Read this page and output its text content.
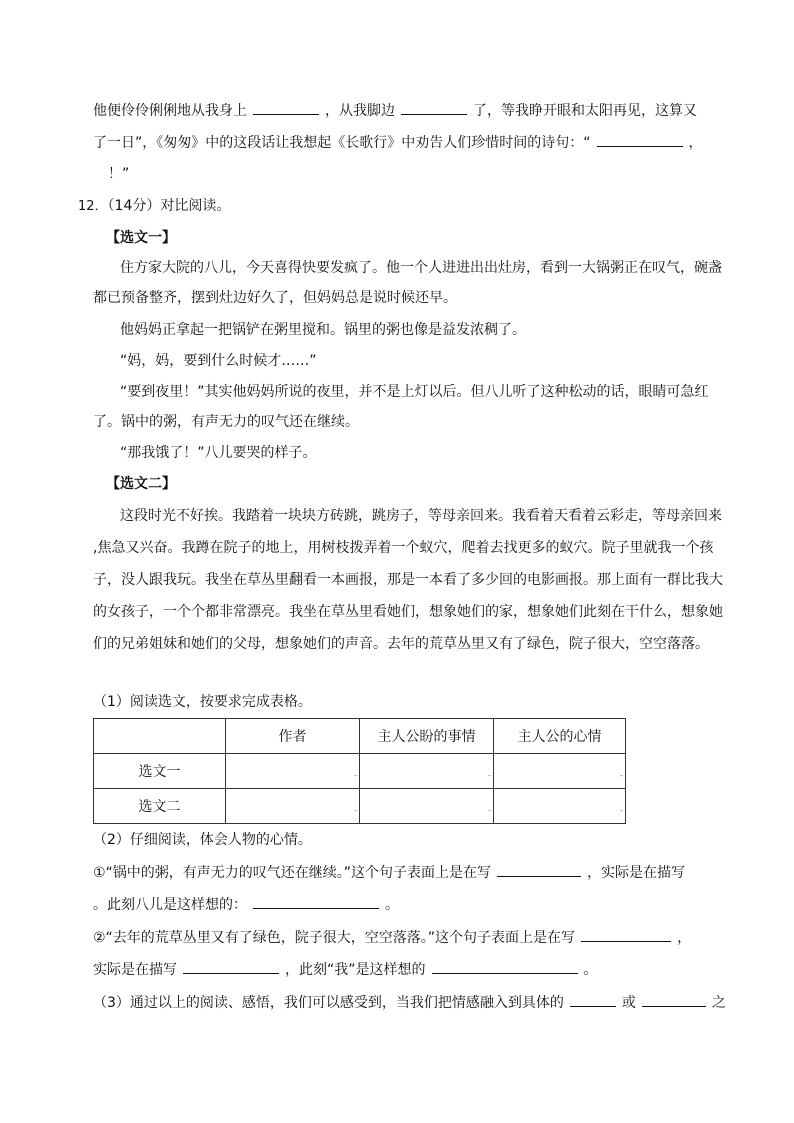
他便伶伶俐俐地从我身上	，从我脚边	了，等我睁开眼和太阳再见，这算又
了一日”，《匆匆》中的这段话让我想起《长歌行》中劝告人们珍惜时间的诗句：“	，
！”
12．（14分）对比阅读。
【选文一】
住方家大院的八儿，今天喜得快要发疯了。他一个人进进出出灶房，看到一大锅粥正在叹气，碗盏
都已预备整齐，摆到灶边好久了，但妈妈总是说时候还早。
他妈妈正拿起一把锅铲在粥里搅和。锅里的粥也像是益发浓稠了。
“妈，妈，要到什么时候才……”
“要到夜里！”其实他妈妈所说的夜里，并不是上灯以后。但八儿听了这种松动的话，眼睛可急红
了。锅中的粥，有声无力的叹气还在继续。
“那我饿了！”八儿要哭的样子。
【选文二】
这段时光不好挨。我踏着一块块方砖跳，跳房子，等母亲回来。我看着天看着云彩走，等母亲回来
,焦急又兴奋。我蹲在院子的地上，用树枝拨弄着一个蚁穴，爬着去找更多的蚁穴。院子里就我一个孩
子，没人跟我玩。我坐在草丛里翻看一本画报，那是一本看了多少回的电影画报。那上面有一群比我大
的女孩子，一个个都非常漂亮。我坐在草丛里看她们，想象她们的家，想象她们此刻在干什么，想象她
们的兄弟姐妹和她们的父母，想象她们的声音。去年的荒草丛里又有了绿色，院子很大，空空落落。
（1）阅读选文，按要求完成表格。
	作者	主人公盼的事情	主人公的心情
选文一	-	-	-

选文二	-	-	-
（2）仔细阅读，体会人物的心情。
①“锅中的粥，有声无力的叹气还在继续。”这个句子表面上是在写	，实际是在描写
。此刻八儿是这样想的：	。
②“去年的荒草丛里又有了绿色，院子很大，空空落落。”这个句子表面上是在写	，
实际是在描写	，此刻“我”是这样想的	。
（3）通过以上的阅读、感悟，我们可以感受到，当我们把情感融入到具体的	或	之
